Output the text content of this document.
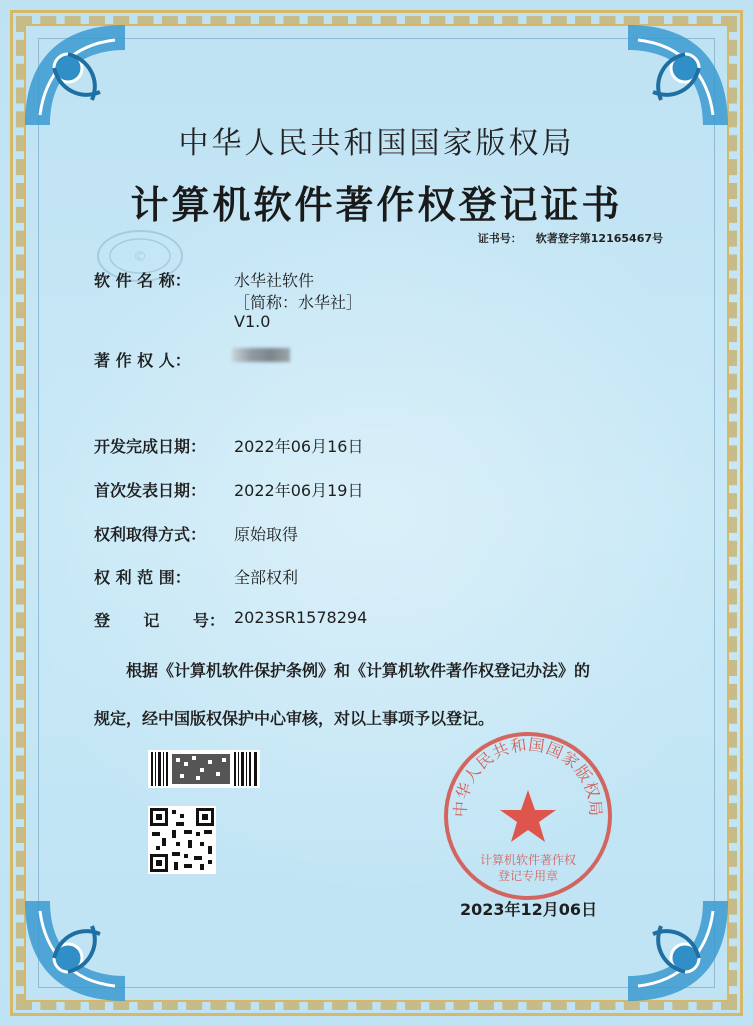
©
中华人民共和国国家版权局
计算机软件著作权登记证书
证书号： 软著登字第12165467号
软 件 名 称：	水华社软件
［简称：水华社］
V1.0
著 作 权 人：
开发完成日期： 2022年06月16日
首次发表日期： 2022年06月19日
权利取得方式： 原始取得
权 利 范 围：	全部权利
登      记      号： 2023SR1578294
根据《计算机软件保护条例》和《计算机软件著作权登记办法》的
规定，经中国版权保护中心审核，对以上事项予以登记。
中华人民共和国国家版权局
计算机软件著作权
登记专用章
2023年12月06日
